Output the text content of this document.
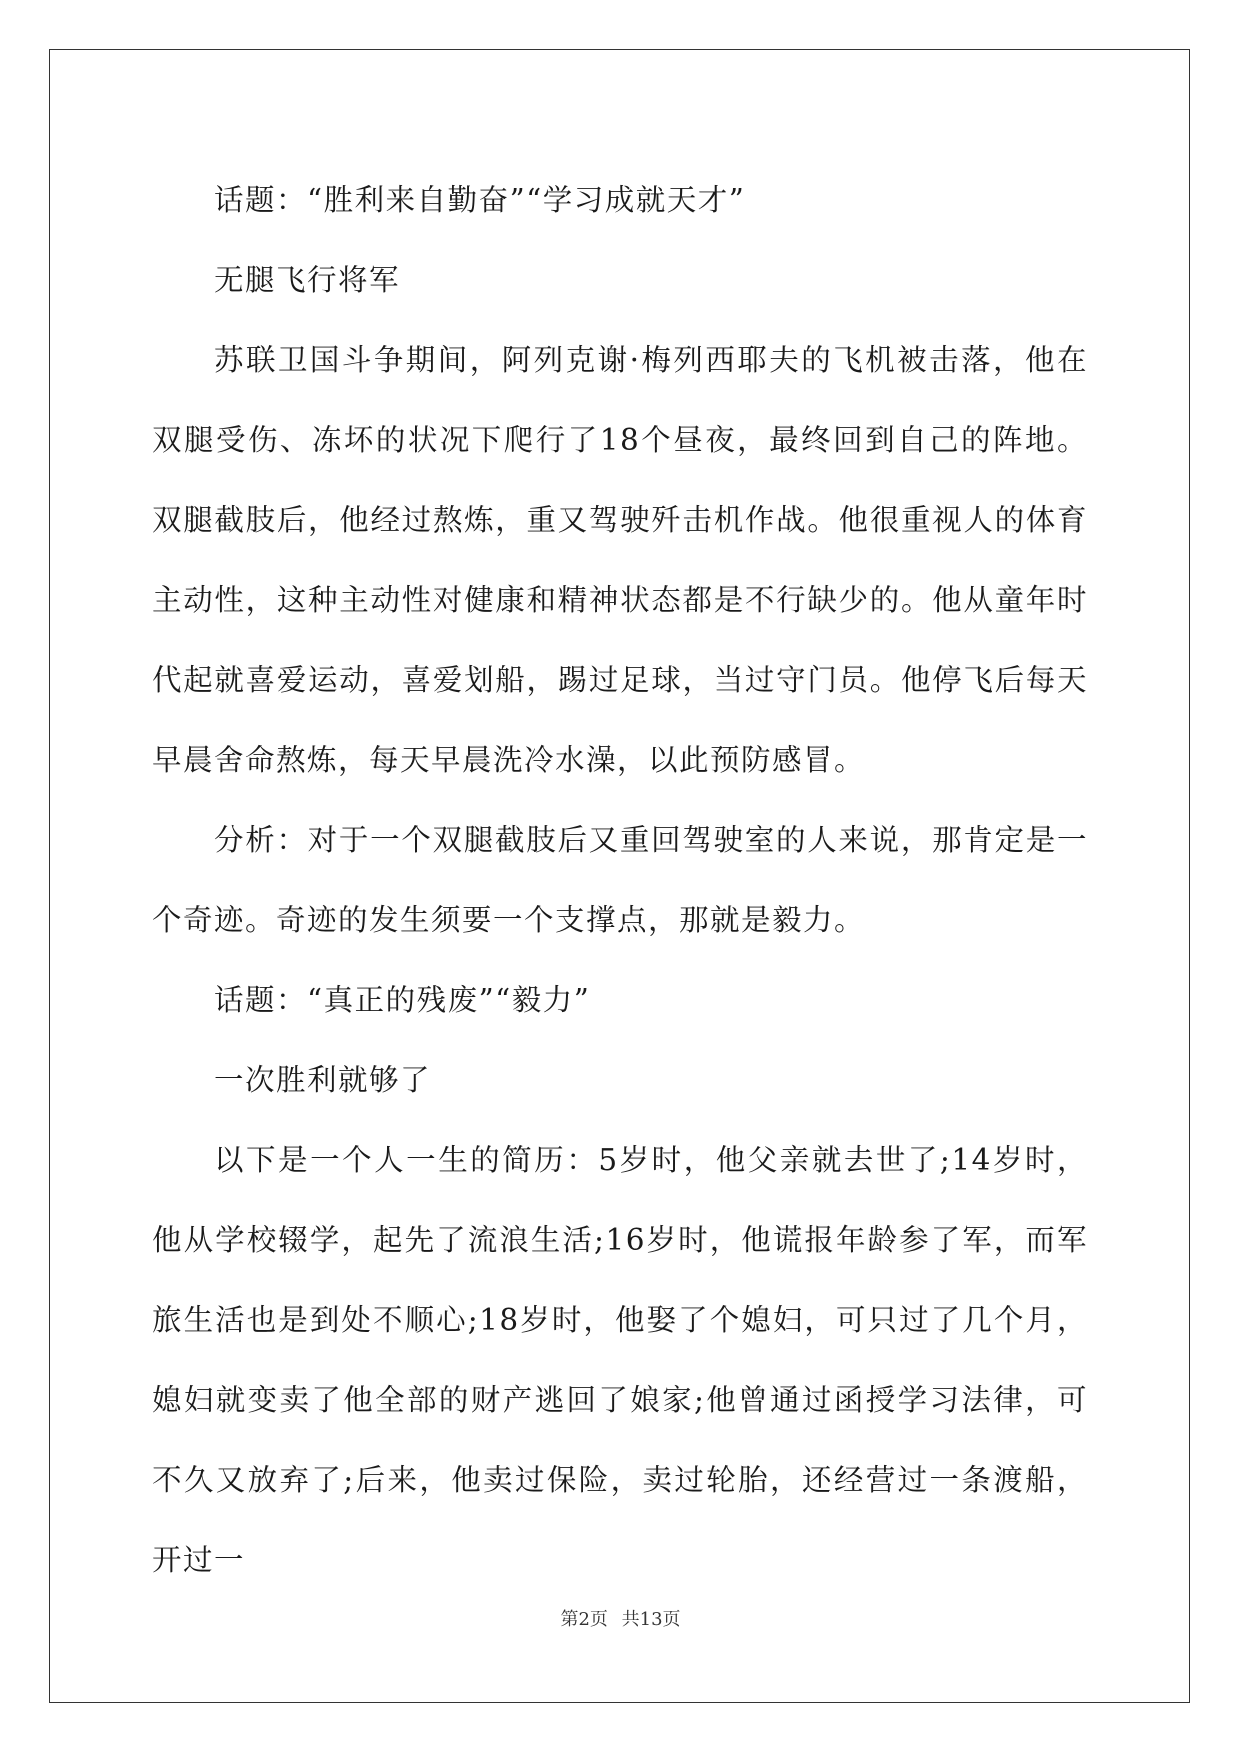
话题：“胜利来自勤奋”“学习成就天才”

无腿飞行将军

苏联卫国斗争期间，阿列克谢·梅列西耶夫的飞机被击落，他在双腿受伤、冻坏的状况下爬行了18个昼夜，最终回到自己的阵地。双腿截肢后，他经过熬炼，重又驾驶歼击机作战。他很重视人的体育主动性，这种主动性对健康和精神状态都是不行缺少的。他从童年时代起就喜爱运动，喜爱划船，踢过足球，当过守门员。他停飞后每天早晨舍命熬炼，每天早晨洗冷水澡，以此预防感冒。

分析：对于一个双腿截肢后又重回驾驶室的人来说，那肯定是一个奇迹。奇迹的发生须要一个支撑点，那就是毅力。

话题：“真正的残废”“毅力”

一次胜利就够了

以下是一个人一生的简历：5岁时，他父亲就去世了;14岁时，他从学校辍学，起先了流浪生活;16岁时，他谎报年龄参了军，而军旅生活也是到处不顺心;18岁时，他娶了个媳妇，可只过了几个月，媳妇就变卖了他全部的财产逃回了娘家;他曾通过函授学习法律，可不久又放弃了;后来，他卖过保险，卖过轮胎，还经营过一条渡船，开过一

第2页 共13页
